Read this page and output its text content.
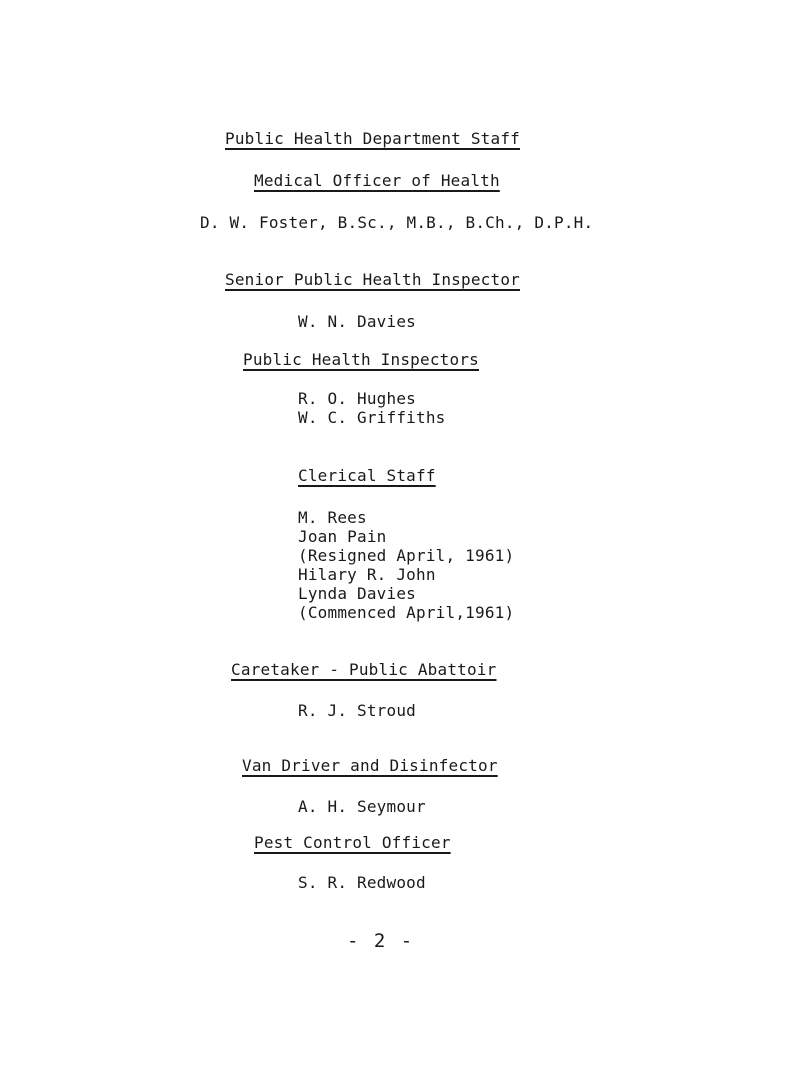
Public Health Department Staff
Medical Officer of Health
D. W. Foster, B.Sc., M.B., B.Ch., D.P.H.
Senior Public Health Inspector
W. N. Davies
Public Health Inspectors
R. O. Hughes
W. C. Griffiths
Clerical Staff
M. Rees
Joan Pain
(Resigned April, 1961)
Hilary R. John
Lynda Davies
(Commenced April,1961)
Caretaker - Public Abattoir
R. J. Stroud
Van Driver and Disinfector
A. H. Seymour
Pest Control Officer
S. R. Redwood
- 2 -
